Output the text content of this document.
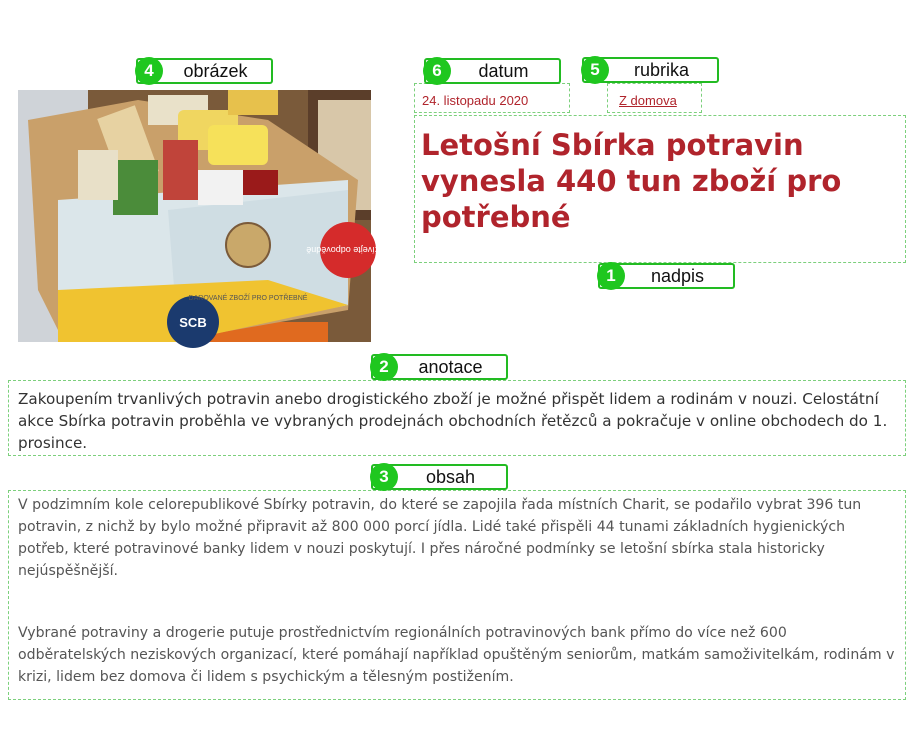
4	obrázek	6	datum	5	rubrika
1	nadpis
2	anotace
3	obsah
SCB
DAROVANÉ ZBOŽÍ PRO POTŘEBNÉ
Užívejte odpovědně
24. listopadu 2020	Z domova
Letošní Sbírka potravin vynesla 440 tun zboží pro potřebné
Zakoupením trvanlivých potravin anebo drogistického zboží je možné přispět lidem a rodinám v nouzi. Celostátní akce Sbírka potravin proběhla ve vybraných prodejnách obchodních řetězců a pokračuje v online obchodech do 1. prosince.
V podzimním kole celorepublikové Sbírky potravin, do které se zapojila řada místních Charit, se podařilo vybrat 396 tun potravin, z nichž by bylo možné připravit až 800 000 porcí jídla. Lidé také přispěli 44 tunami základních hygienických potřeb, které potravinové banky lidem v nouzi poskytují. I přes náročné podmínky se letošní sbírka stala historicky nejúspěšnější.
Vybrané potraviny a drogerie putuje prostřednictvím regionálních potravinových bank přímo do více než 600 odběratelských neziskových organizací, které pomáhají například opuštěným seniorům, matkám samoživitelkám, rodinám v krizi, lidem bez domova či lidem s psychickým a tělesným postižením.
